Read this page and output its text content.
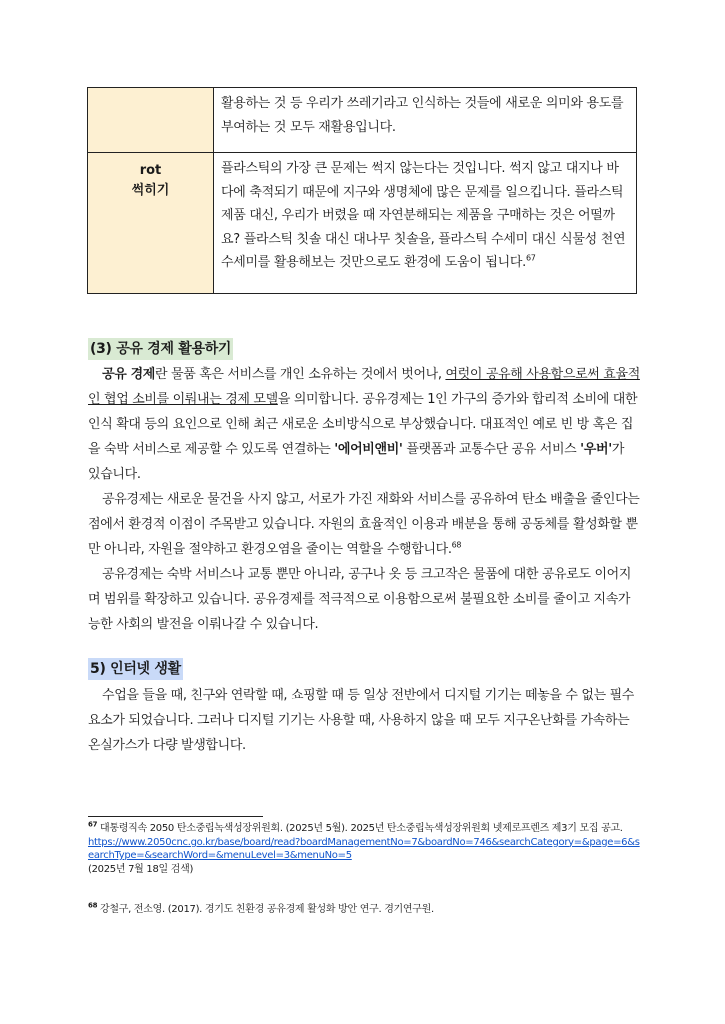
	활용하는 것 등 우리가 쓰레기라고 인식하는 것들에 새로운 의미와 용도를 부여하는 것 모두 재활용입니다.

rot
썩히기	플라스틱의 가장 큰 문제는 썩지 않는다는 것입니다. 썩지 않고 대지나 바다에 축적되기 때문에 지구와 생명체에 많은 문제를 일으킵니다. 플라스틱 제품 대신, 우리가 버렸을 때 자연분해되는 제품을 구매하는 것은 어떨까요? 플라스틱 칫솔 대신 대나무 칫솔을, 플라스틱 수세미 대신 식물성 천연 수세미를 활용해보는 것만으로도 환경에 도움이 됩니다.$^{67}$
(3) 공유 경제 활용하기
공유 경제란 물품 혹은 서비스를 개인 소유하는 것에서 벗어나, 여럿이 공유해 사용함으로써 효율적인 협업 소비를 이뤄내는 경제 모델을 의미합니다. 공유경제는 1인 가구의 증가와 합리적 소비에 대한 인식 확대 등의 요인으로 인해 최근 새로운 소비방식으로 부상했습니다. 대표적인 예로 빈 방 혹은 집을 숙박 서비스로 제공할 수 있도록 연결하는 '에어비앤비' 플랫폼과 교통수단 공유 서비스 '우버'가 있습니다.
공유경제는 새로운 물건을 사지 않고, 서로가 가진 재화와 서비스를 공유하여 탄소 배출을 줄인다는 점에서 환경적 이점이 주목받고 있습니다. 자원의 효율적인 이용과 배분을 통해 공동체를 활성화할 뿐만 아니라, 자원을 절약하고 환경오염을 줄이는 역할을 수행합니다.$^{68}$
공유경제는 숙박 서비스나 교통 뿐만 아니라, 공구나 옷 등 크고작은 물품에 대한 공유로도 이어지며 범위를 확장하고 있습니다. 공유경제를 적극적으로 이용함으로써 불필요한 소비를 줄이고 지속가능한 사회의 발전을 이뤄나갈 수 있습니다.
5) 인터넷 생활
수업을 들을 때, 친구와 연락할 때, 쇼핑할 때 등 일상 전반에서 디지털 기기는 떼놓을 수 없는 필수요소가 되었습니다. 그러나 디지털 기기는 사용할 때, 사용하지 않을 때 모두 지구온난화를 가속하는 온실가스가 다량 발생합니다.
$^{67}$ 대통령직속 2050 탄소중립녹색성장위원회. (2025년 5월). 2025년 탄소중립녹색성장위원회 넷제로프렌즈 제3기 모집 공고.
https://www.2050cnc.go.kr/base/board/read?boardManagementNo=7&boardNo=746&searchCategory=&page=6&searchType=&searchWord=&menuLevel=3&menuNo=5
(2025년 7월 18일 검색)
$^{68}$ 강철구, 전소영. (2017). 경기도 친환경 공유경제 활성화 방안 연구. 경기연구원.
